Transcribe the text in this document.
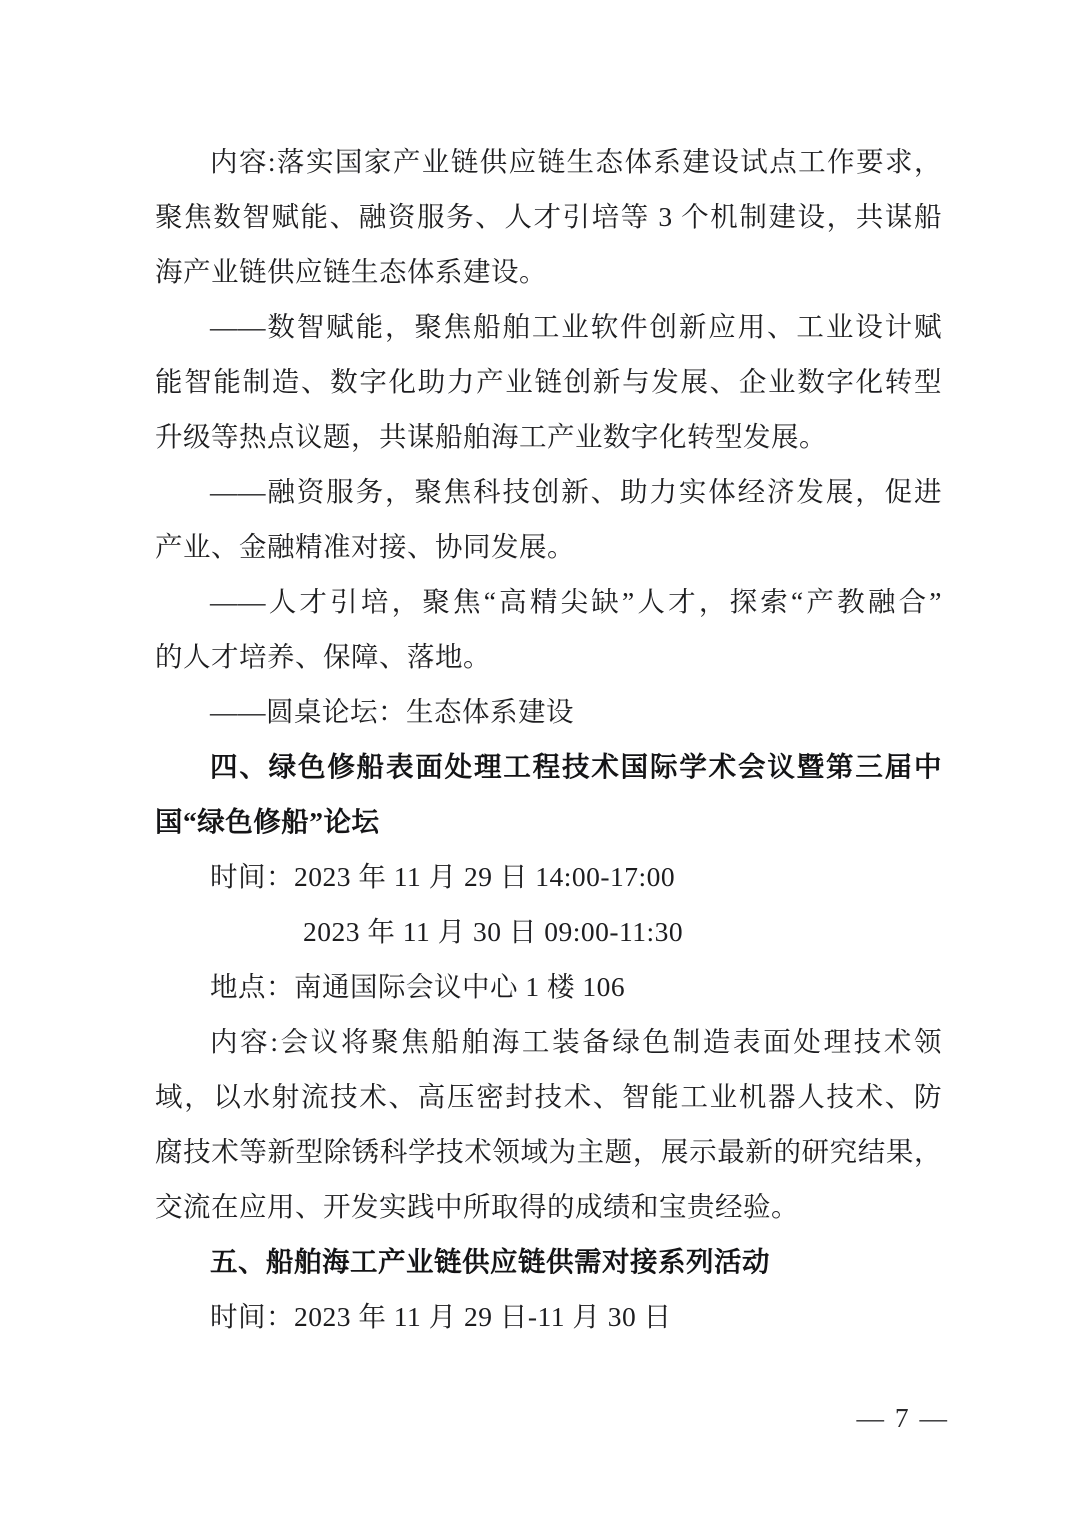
内容:落实国家产业链供应链生态体系建设试点工作要求，
聚焦数智赋能、融资服务、人才引培等 3 个机制建设，共谋船
海产业链供应链生态体系建设。
——数智赋能，聚焦船舶工业软件创新应用、工业设计赋
能智能制造、数字化助力产业链创新与发展、企业数字化转型
升级等热点议题，共谋船舶海工产业数字化转型发展。
——融资服务，聚焦科技创新、助力实体经济发展，促进
产业、金融精准对接、协同发展。
——人才引培，聚焦“高精尖缺”人才，探索“产教融合”
的人才培养、保障、落地。
——圆桌论坛：生态体系建设
四、绿色修船表面处理工程技术国际学术会议暨第三届中
国“绿色修船”论坛
时间：2023 年 11 月 29 日 14:00-17:00
2023 年 11 月 30 日 09:00-11:30
地点：南通国际会议中心 1 楼 106
内容:会议将聚焦船舶海工装备绿色制造表面处理技术领
域，以水射流技术、高压密封技术、智能工业机器人技术、防
腐技术等新型除锈科学技术领域为主题，展示最新的研究结果，
交流在应用、开发实践中所取得的成绩和宝贵经验。
五、船舶海工产业链供应链供需对接系列活动
时间：2023 年 11 月 29 日-11 月 30 日
— 7 —
